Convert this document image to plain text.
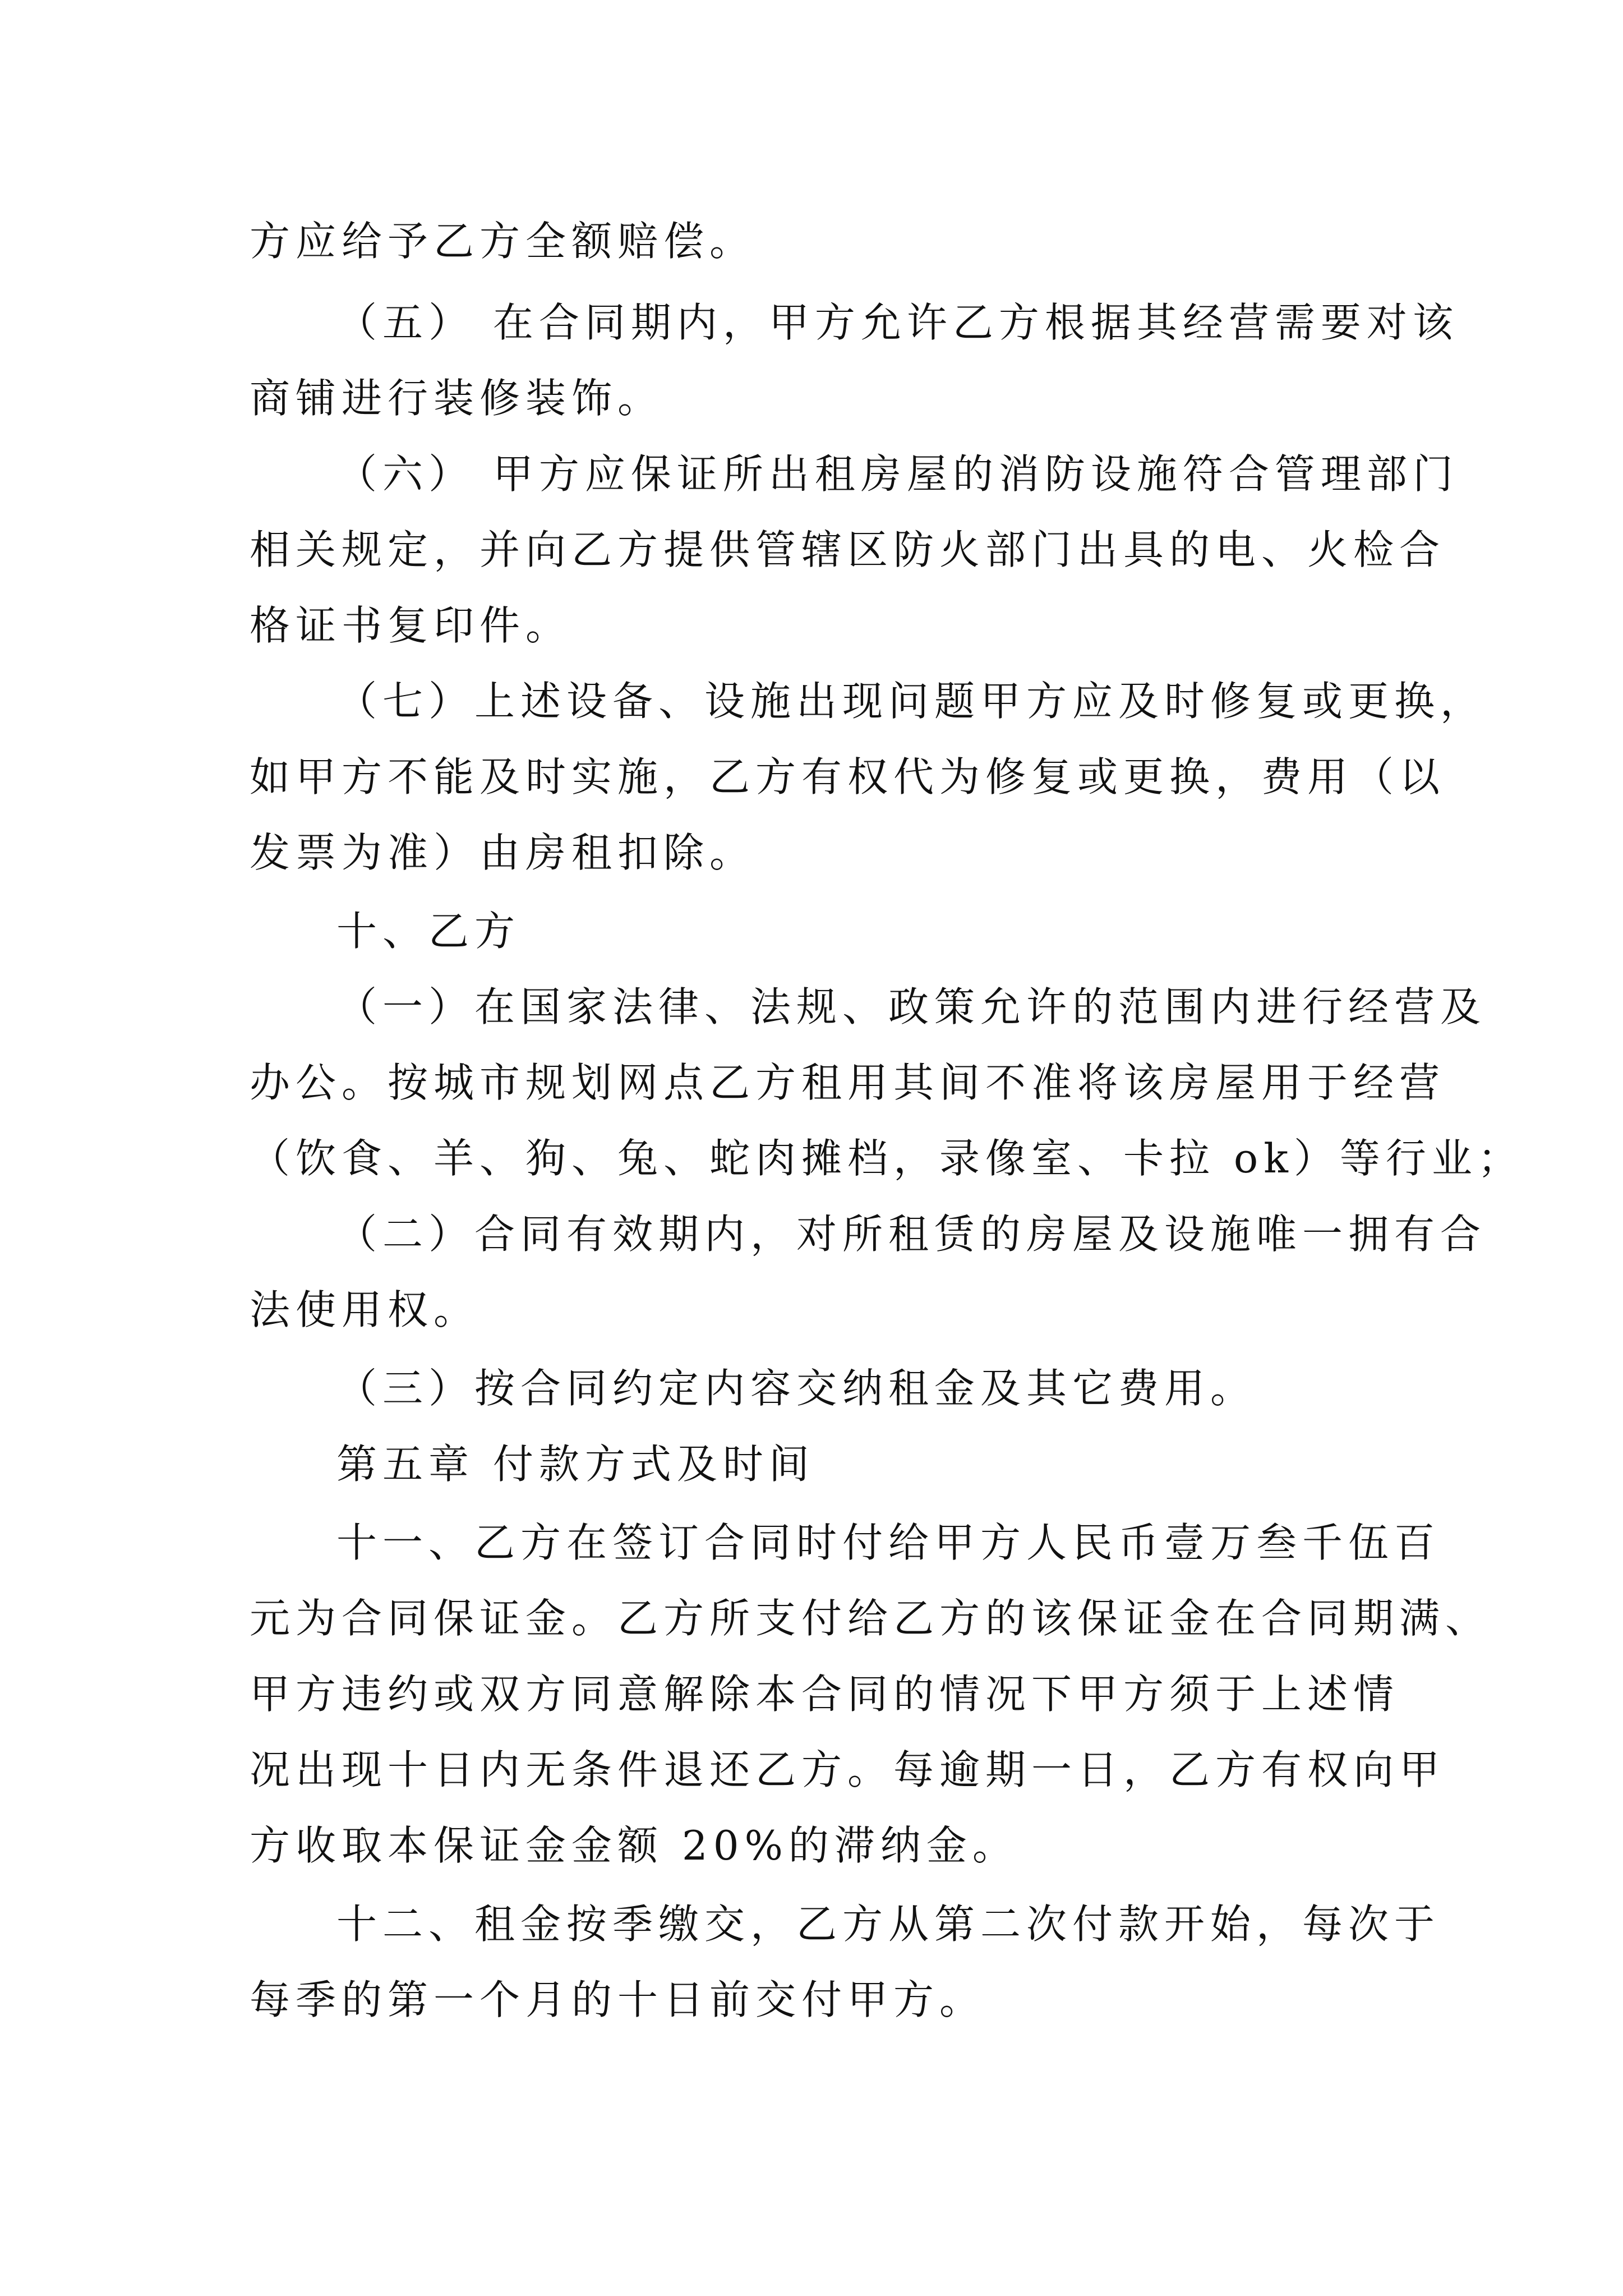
方应给予乙方全额赔偿。
（五） 在合同期内，甲方允许乙方根据其经营需要对该
商铺进行装修装饰。
（六） 甲方应保证所出租房屋的消防设施符合管理部门
相关规定，并向乙方提供管辖区防火部门出具的电、火检合
格证书复印件。
（七）上述设备、设施出现问题甲方应及时修复或更换，
如甲方不能及时实施，乙方有权代为修复或更换，费用（以
发票为准）由房租扣除。
十、乙方
（一）在国家法律、法规、政策允许的范围内进行经营及
办公。按城市规划网点乙方租用其间不准将该房屋用于经营
（饮食、羊、狗、兔、蛇肉摊档，录像室、卡拉 ok）等行业；
（二）合同有效期内，对所租赁的房屋及设施唯一拥有合
法使用权。
（三）按合同约定内容交纳租金及其它费用。
第五章 付款方式及时间
十一、乙方在签订合同时付给甲方人民币壹万叁千伍百
元为合同保证金。乙方所支付给乙方的该保证金在合同期满、
甲方违约或双方同意解除本合同的情况下甲方须于上述情
况出现十日内无条件退还乙方。每逾期一日，乙方有权向甲
方收取本保证金金额 20%的滞纳金。
十二、租金按季缴交，乙方从第二次付款开始，每次于
每季的第一个月的十日前交付甲方。
